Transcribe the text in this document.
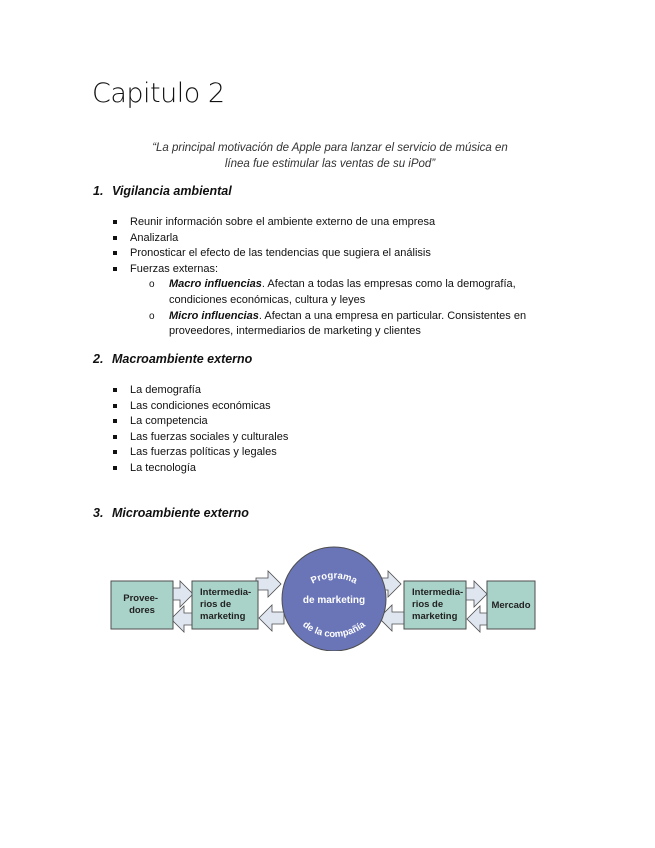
Capitulo 2
“La principal motivación de Apple para lanzar el servicio de música en
línea fue estimular las ventas de su iPod”
1. Vigilancia ambiental
Reunir información sobre el ambiente externo de una empresa
Analizarla
Pronosticar el efecto de las tendencias que sugiera el análisis
Fuerzas externas:
o Macro influencias. Afectan a todas las empresas como la demografía, condiciones económicas, cultura y leyes
o Micro influencias. Afectan a una empresa en particular. Consistentes en proveedores, intermediarios de marketing y clientes
2. Macroambiente externo
La demografía
Las condiciones económicas
La competencia
Las fuerzas sociales y culturales
Las fuerzas políticas y legales
La tecnología
3. Microambiente externo
Provee- dores
Intermedia- rios de marketing
Intermedia- rios de marketing
Mercado
Programa
de marketing
de la compañía
